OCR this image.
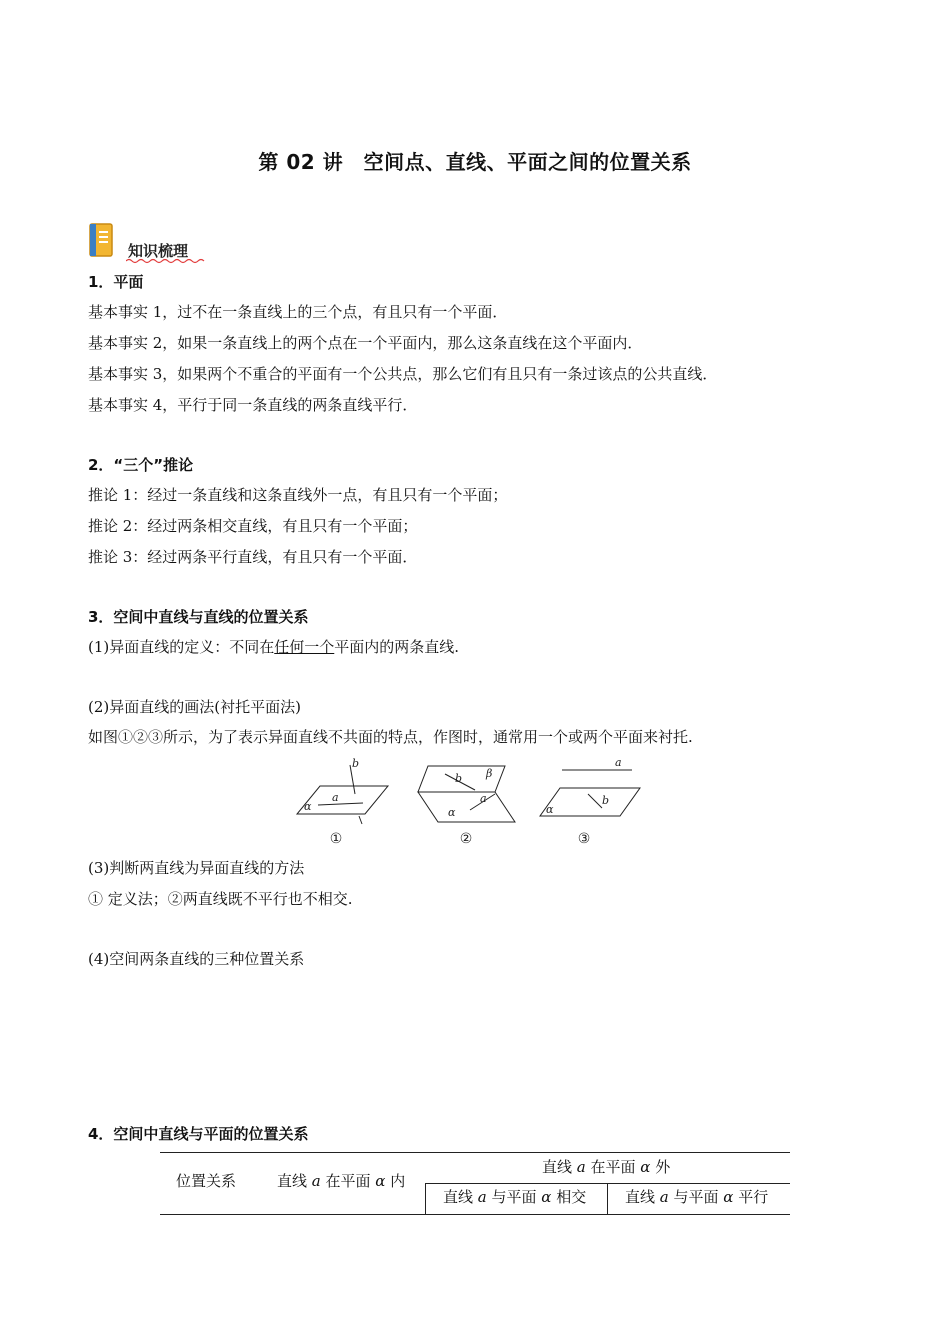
第 02 讲　空间点、直线、平面之间的位置关系
知识梳理
1．平面
基本事实 1，过不在一条直线上的三个点，有且只有一个平面．
基本事实 2，如果一条直线上的两个点在一个平面内，那么这条直线在这个平面内．
基本事实 3，如果两个不重合的平面有一个公共点，那么它们有且只有一条过该点的公共直线．
基本事实 4，平行于同一条直线的两条直线平行．
2．“三个”推论
推论 1：经过一条直线和这条直线外一点，有且只有一个平面；
推论 2：经过两条相交直线，有且只有一个平面；
推论 3：经过两条平行直线，有且只有一个平面．
3．空间中直线与直线的位置关系
(1)异面直线的定义：不同在任何一个平面内的两条直线.
(2)异面直线的画法(衬托平面法)
如图①②③所示，为了表示异面直线不共面的特点，作图时，通常用一个或两个平面来衬托.
b
a
α
b β
a
α
a
b
α
①	②	③
(3)判断两直线为异面直线的方法
① 定义法；②两直线既不平行也不相交.
(4)空间两条直线的三种位置关系
4．空间中直线与平面的位置关系
位置关系	直线 a 在平面 α 内
直线 a 在平面 α 外
直线 a 与平面 α 相交	直线 a 与平面 α 平行
